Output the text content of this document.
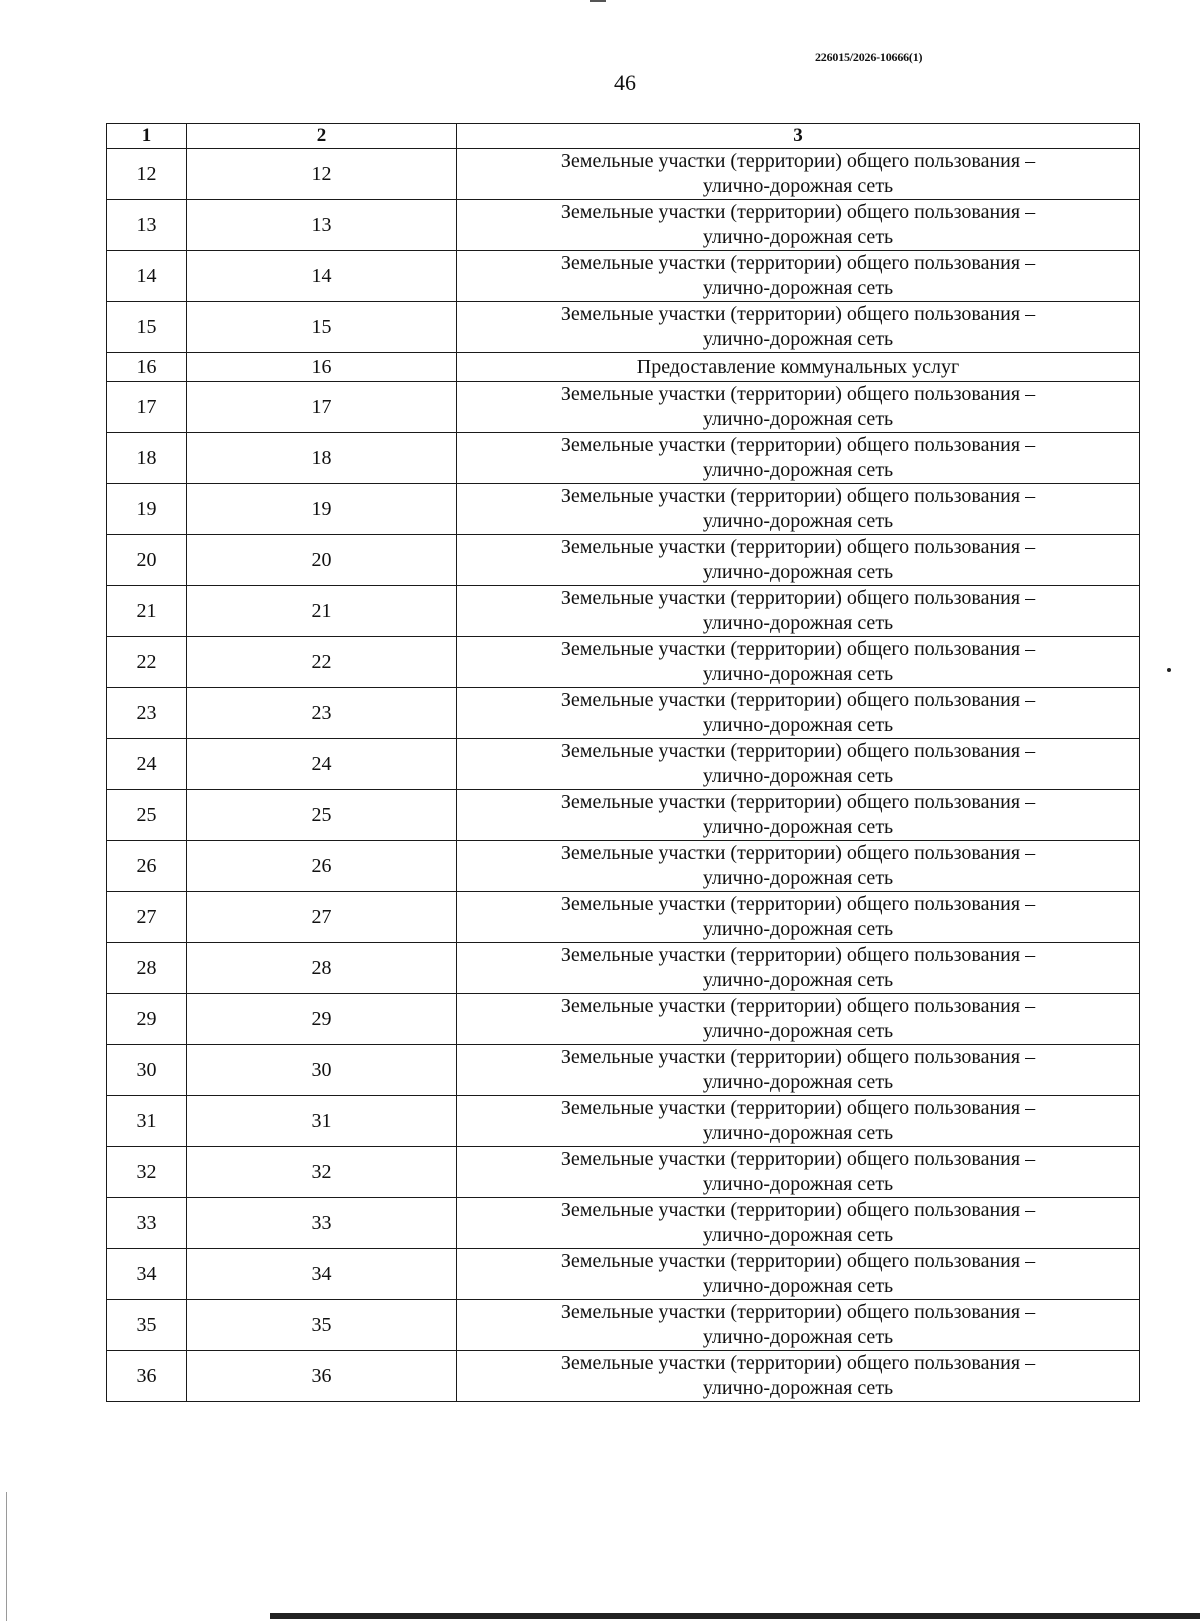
226015/2026-10666(1)
46
1	2	3
12	12	Земельные участки (территории) общего пользования –
улично-дорожная сеть

13	13	Земельные участки (территории) общего пользования –
улично-дорожная сеть

14	14	Земельные участки (территории) общего пользования –
улично-дорожная сеть

15	15	Земельные участки (территории) общего пользования –
улично-дорожная сеть

16	16	Предоставление коммунальных услуг

17	17	Земельные участки (территории) общего пользования –
улично-дорожная сеть

18	18	Земельные участки (территории) общего пользования –
улично-дорожная сеть

19	19	Земельные участки (территории) общего пользования –
улично-дорожная сеть

20	20	Земельные участки (территории) общего пользования –
улично-дорожная сеть

21	21	Земельные участки (территории) общего пользования –
улично-дорожная сеть

22	22	Земельные участки (территории) общего пользования –
улично-дорожная сеть

23	23	Земельные участки (территории) общего пользования –
улично-дорожная сеть

24	24	Земельные участки (территории) общего пользования –
улично-дорожная сеть

25	25	Земельные участки (территории) общего пользования –
улично-дорожная сеть

26	26	Земельные участки (территории) общего пользования –
улично-дорожная сеть

27	27	Земельные участки (территории) общего пользования –
улично-дорожная сеть

28	28	Земельные участки (территории) общего пользования –
улично-дорожная сеть

29	29	Земельные участки (территории) общего пользования –
улично-дорожная сеть

30	30	Земельные участки (территории) общего пользования –
улично-дорожная сеть

31	31	Земельные участки (территории) общего пользования –
улично-дорожная сеть

32	32	Земельные участки (территории) общего пользования –
улично-дорожная сеть

33	33	Земельные участки (территории) общего пользования –
улично-дорожная сеть

34	34	Земельные участки (территории) общего пользования –
улично-дорожная сеть

35	35	Земельные участки (территории) общего пользования –
улично-дорожная сеть

36	36	Земельные участки (территории) общего пользования –
улично-дорожная сеть
